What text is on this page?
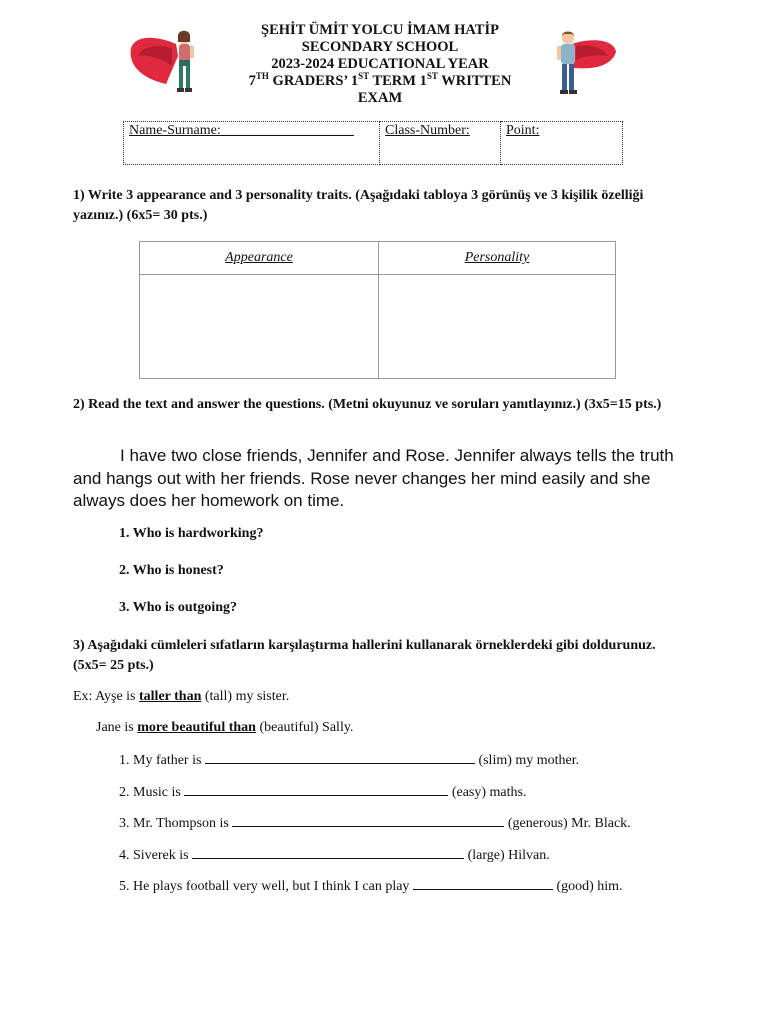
ŞEHİT ÜMİT YOLCU İMAM HATİP
SECONDARY SCHOOL
2023-2024 EDUCATIONAL YEAR
7TH GRADERS’ 1ST TERM 1ST WRITTEN
EXAM
Name-Surname:___________________	Class-Number:	Point:
1) Write 3 appearance and 3 personality traits. (Aşağıdaki tabloya 3 görünüş ve 3 kişilik özelliği yazınız.) (6x5= 30 pts.)
Appearance	Personality

2) Read the text and answer the questions. (Metni okuyunuz ve soruları yanıtlayınız.) (3x5=15 pts.)
I have two close friends, Jennifer and Rose. Jennifer always tells the truth and hangs out with her friends. Rose never changes her mind easily and she always does her homework on time.
1. Who is hardworking?
2. Who is honest?
3. Who is outgoing?
3) Aşağıdaki cümleleri sıfatların karşılaştırma hallerini kullanarak örneklerdeki gibi doldurunuz. (5x5= 25 pts.)
Ex: Ayşe is taller than (tall) my sister.
Jane is more beautiful than (beautiful) Sally.
1. My father is	(slim) my mother.
2. Music is	(easy) maths.
3. Mr. Thompson is	(generous) Mr. Black.
4. Siverek is	(large) Hilvan.
5. He plays football very well, but I think I can play	(good) him.
